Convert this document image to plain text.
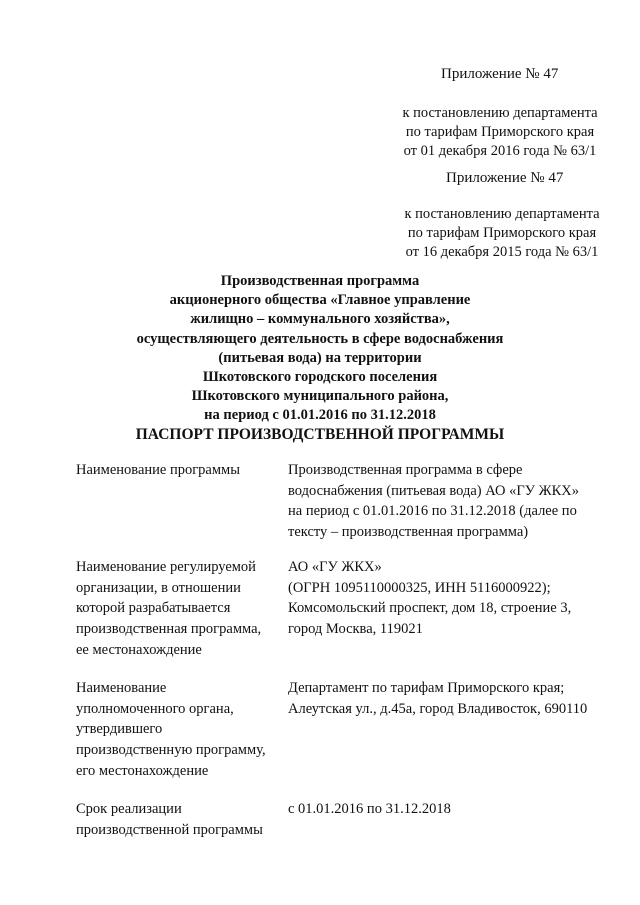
Приложение № 47
к постановлению департамента
по тарифам Приморского края
от 01 декабря 2016 года № 63/1
Приложение № 47
к постановлению департамента
по тарифам Приморского края
от 16 декабря 2015 года № 63/1
Производственная программа
акционерного общества «Главное управление
жилищно – коммунального хозяйства»,
осуществляющего деятельность в сфере водоснабжения
(питьевая вода) на территории
Шкотовского городского поселения
Шкотовского муниципального района,
на период с 01.01.2016 по 31.12.2018
ПАСПОРТ ПРОИЗВОДСТВЕННОЙ ПРОГРАММЫ
Наименование программы	Производственная программа в сфере
водоснабжения (питьевая вода) АО «ГУ ЖКХ»
на период с 01.01.2016 по 31.12.2018 (далее по
тексту – производственная программа)
Наименование регулируемой
организации, в отношении
которой разрабатывается
производственная программа,
ее местонахождение
АО «ГУ ЖКХ»
(ОГРН 1095110000325, ИНН 5116000922);
Комсомольский проспект, дом 18, строение 3,
город Москва, 119021
Наименование
уполномоченного органа,
утвердившего
производственную программу,
его местонахождение
Департамент по тарифам Приморского края;
Алеутская ул., д.45а, город Владивосток, 690110
Срок реализации
производственной программы
с 01.01.2016 по 31.12.2018
